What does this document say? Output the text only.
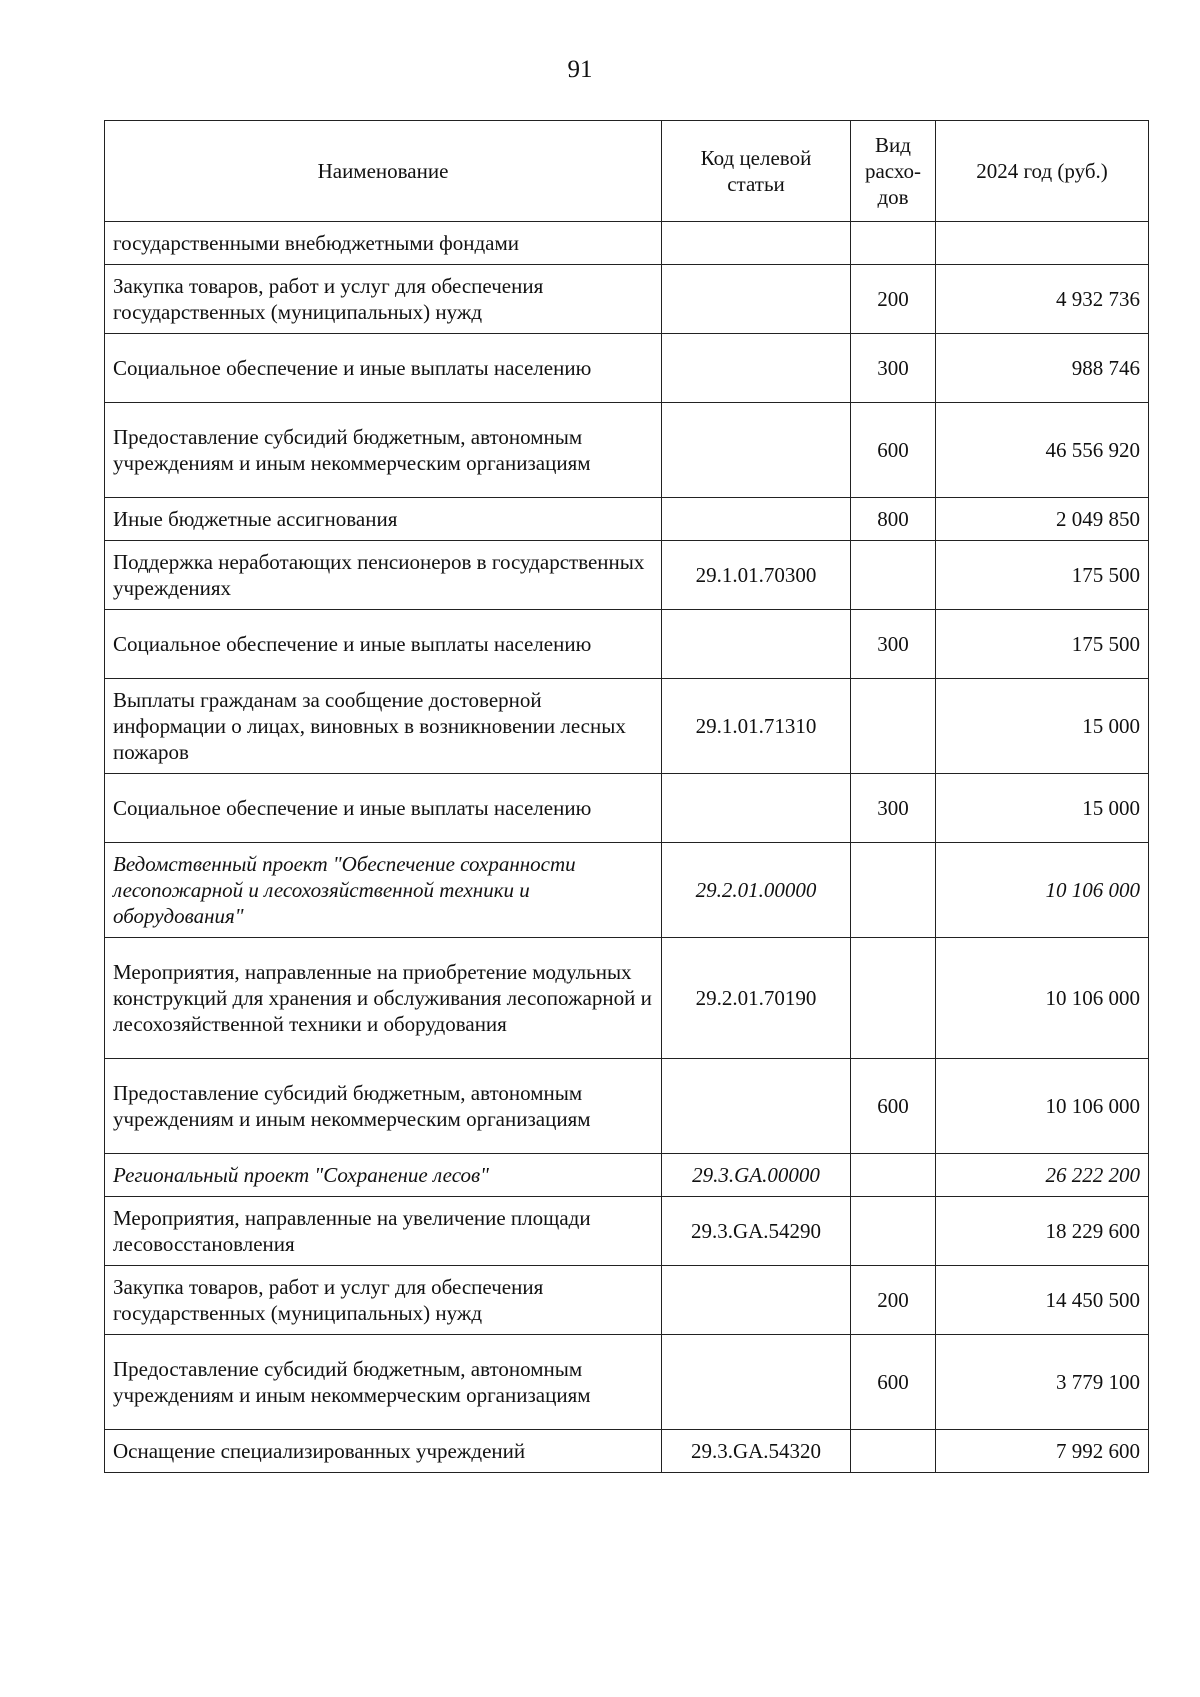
91
Наименование	Код целевой статьи	Вид расхо-дов	2024 год (руб.)
государственными внебюджетными фондами			
Закупка товаров, работ и услуг для обеспечения государственных (муниципальных) нужд		200	4 932 736
Социальное обеспечение и иные выплаты населению		300	988 746
Предоставление субсидий бюджетным, автономным учреждениям и иным некоммерческим организациям		600	46 556 920
Иные бюджетные ассигнования		800	2 049 850
Поддержка неработающих пенсионеров в государственных учреждениях	29.1.01.70300		175 500
Социальное обеспечение и иные выплаты населению		300	175 500
Выплаты гражданам за сообщение достоверной информации о лицах, виновных в возникновении лесных пожаров	29.1.01.71310		15 000
Социальное обеспечение и иные выплаты населению		300	15 000
Ведомственный проект "Обеспечение сохранности лесопожарной и лесохозяйственной техники и оборудования"	29.2.01.00000		10 106 000
Мероприятия, направленные на приобретение модульных конструкций для хранения и обслуживания лесопожарной и лесохозяйственной техники и оборудования	29.2.01.70190		10 106 000
Предоставление субсидий бюджетным, автономным учреждениям и иным некоммерческим организациям		600	10 106 000
Региональный проект "Сохранение лесов"	29.3.GA.00000		26 222 200
Мероприятия, направленные на увеличение площади лесовосстановления	29.3.GA.54290		18 229 600
Закупка товаров, работ и услуг для обеспечения государственных (муниципальных) нужд		200	14 450 500
Предоставление субсидий бюджетным, автономным учреждениям и иным некоммерческим организациям		600	3 779 100
Оснащение специализированных учреждений	29.3.GA.54320		7 992 600
